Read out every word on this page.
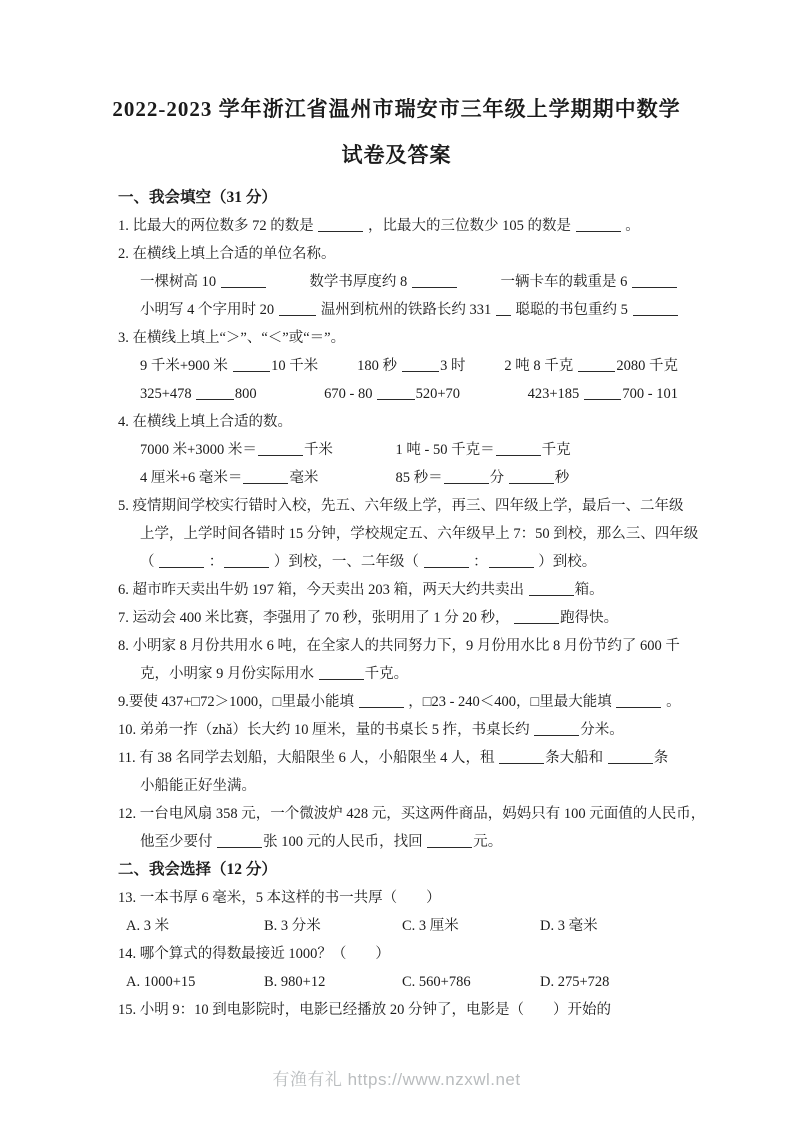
2022-2023 学年浙江省温州市瑞安市三年级上学期期中数学
试卷及答案
一、我会填空（31 分）
1. 比最大的两位数多 72 的数是	，比最大的三位数少 105 的数是	。
2. 在横线上填上合适的单位名称。
一棵树高 10	数学书厚度约 8	一辆卡车的载重是 6
小明写 4 个字用时 20	温州到杭州的铁路长约 331  聪聪的书包重约 5
3. 在横线上填上“＞”、“＜”或“＝”。
9 千米+900 米	10 千米	180 秒	3 时	2 吨 8 千克	2080 千克
325+478	800	670 - 80	520+70	423+185	700 - 101
4. 在横线上填上合适的数。
7000 米+3000 米＝	千米	1 吨 - 50 千克＝	千克
4 厘米+6 毫米＝	毫米	85 秒＝	分	秒
5. 疫情期间学校实行错时入校，先五、六年级上学，再三、四年级上学，最后一、二年级
上学，上学时间各错时 15 分钟，学校规定五、六年级早上 7：50 到校，那么三、四年级
（	：	）到校，一、二年级（	：	）到校。
6. 超市昨天卖出牛奶 197 箱，今天卖出 203 箱，两天大约共卖出	箱。
7. 运动会 400 米比赛，李强用了 70 秒，张明用了 1 分 20 秒，	跑得快。
8. 小明家 8 月份共用水 6 吨，在全家人的共同努力下，9 月份用水比 8 月份节约了 600 千
克，小明家 9 月份实际用水	千克。
9.要使 437+□72＞1000，□里最小能填	，□23 - 240＜400，□里最大能填	。
10. 弟弟一拃（zhǎ）长大约 10 厘米，量的书桌长 5 拃，书桌长约	分米。
11. 有 38 名同学去划船，大船限坐 6 人，小船限坐 4 人，租	条大船和	条
小船能正好坐满。
12. 一台电风扇 358 元，一个微波炉 428 元，买这两件商品，妈妈只有 100 元面值的人民币，
他至少要付	张 100 元的人民币，找回	元。
二、我会选择（12 分）
13. 一本书厚 6 毫米，5 本这样的书一共厚（　　）
A. 3 米	B. 3 分米	C. 3 厘米	D. 3 毫米
14. 哪个算式的得数最接近 1000？（　　）
A. 1000+15	B. 980+12	C. 560+786	D. 275+728
15. 小明 9：10 到电影院时，电影已经播放 20 分钟了，电影是（　　）开始的
有渔有礼 https://www.nzxwl.net
